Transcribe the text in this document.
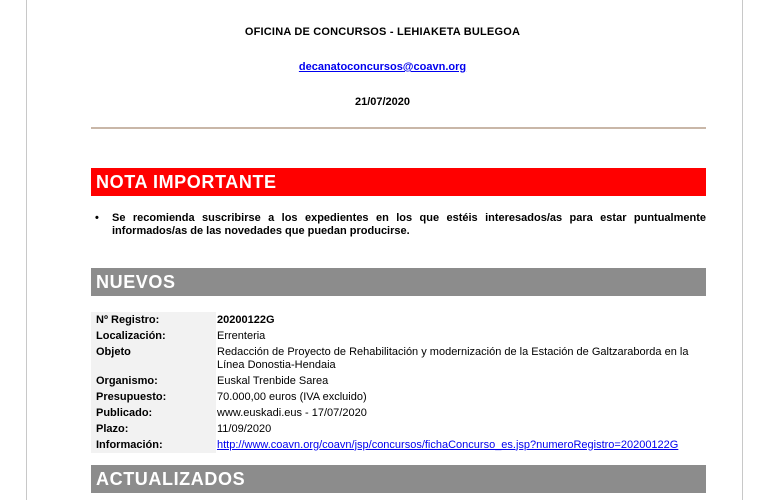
OFICINA DE CONCURSOS - LEHIAKETA BULEGOA
decanatoconcursos@coavn.org
21/07/2020
NOTA IMPORTANTE
• Se recomienda suscribirse a los expedientes en los que estéis interesados/as para estar puntualmente informados/as de las novedades que puedan producirse.
NUEVOS
Nº Registro:	20200122G
Localización:	Errenteria
Objeto	Redacción de Proyecto de Rehabilitación y modernización de la Estación de Galtzaraborda en la Línea Donostia-Hendaia
Organismo:	Euskal Trenbide Sarea
Presupuesto:	70.000,00 euros (IVA excluido)
Publicado:	www.euskadi.eus - 17/07/2020
Plazo:	11/09/2020
Información:	http://www.coavn.org/coavn/jsp/concursos/fichaConcurso_es.jsp?numeroRegistro=20200122G
ACTUALIZADOS
